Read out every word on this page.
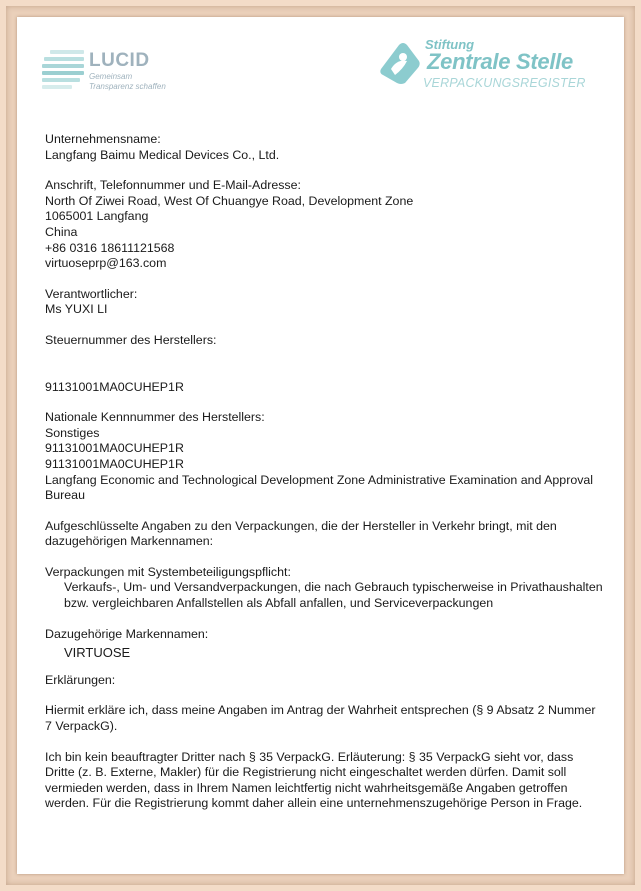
LUCID
Gemeinsam
Transparenz schaffen
Stiftung
Zentrale Stelle
VERPACKUNGSREGISTER

Unternehmensname:

Langfang Baimu Medical Devices Co., Ltd.

Anschrift, Telefonnummer und E-Mail-Adresse:

North Of Ziwei Road, West Of Chuangye Road, Development Zone

1065001 Langfang

China

+86 0316 18611121568

virtuoseprp@163.com

Verantwortlicher:

Ms YUXI LI

Steuernummer des Herstellers:

91131001MA0CUHEP1R

Nationale Kennnummer des Herstellers:

Sonstiges

91131001MA0CUHEP1R

91131001MA0CUHEP1R

Langfang Economic and Technological Development Zone Administrative Examination and Approval Bureau

Aufgeschlüsselte Angaben zu den Verpackungen, die der Hersteller in Verkehr bringt, mit den dazugehörigen Markennamen:

Verpackungen mit Systembeteiligungspflicht:

Verkaufs-, Um- und Versandverpackungen, die nach Gebrauch typischerweise in Privathaushalten bzw. vergleichbaren Anfallstellen als Abfall anfallen, und Serviceverpackungen

Dazugehörige Markennamen:

VIRTUOSE

Erklärungen:

Hiermit erkläre ich, dass meine Angaben im Antrag der Wahrheit entsprechen (§ 9 Absatz 2 Nummer 7 VerpackG).

Ich bin kein beauftragter Dritter nach § 35 VerpackG. Erläuterung: § 35 VerpackG sieht vor, dass Dritte (z. B. Externe, Makler) für die Registrierung nicht eingeschaltet werden dürfen. Damit soll vermieden werden, dass in Ihrem Namen leichtfertig nicht wahrheitsgemäße Angaben getroffen werden. Für die Registrierung kommt daher allein eine unternehmenszugehörige Person in Frage.
